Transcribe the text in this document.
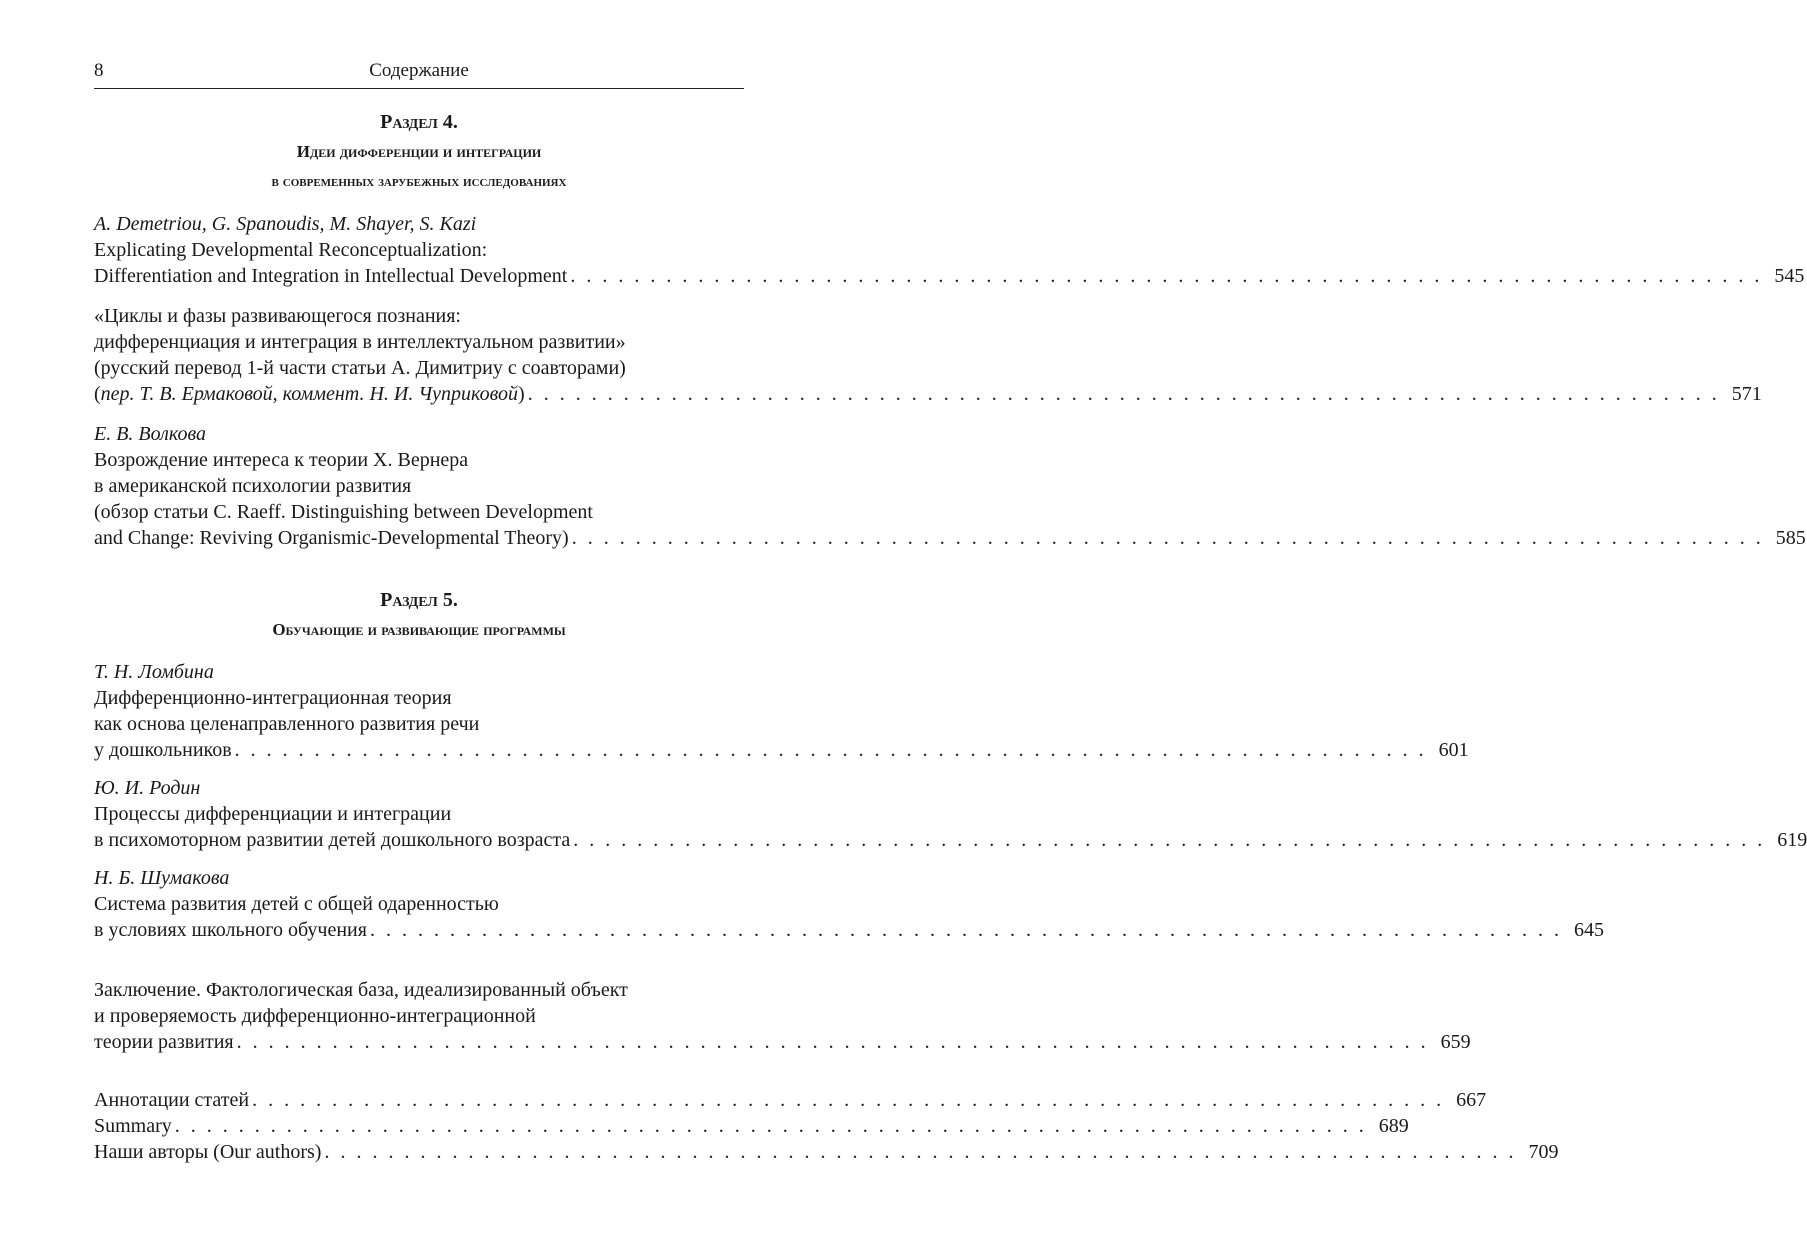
8	Содержание
Раздел 4.
Идеи дифференции и интеграции
в современных зарубежных исследованиях
A. Demetriou, G. Spanoudis, M. Shayer, S. Kazi
Explicating Developmental Reconceptualization:
Differentiation and Integration in Intellectual Development . . . . . . . . . . . . . . . . . . . . . . . . . . . . . . . . . . . . . . . . . . . . . . . . . . . . . . . . . . . . . . . . . . . . . . . . . . . 545
«Циклы и фазы развивающегося познания:
дифференциация и интеграция в интеллектуальном развитии»
(русский перевод 1-й части статьи А. Димитриу с соавторами)
(пер. Т. В. Ермаковой, коммент. Н. И. Чуприковой) . . . . . . . . . . . . . . . . . . . . . . . . . . . . . . . . . . . . . . . . . . . . . . . . . . . . . . . . . . . . . . . . . . . . . . . . . . . 571
Е. В. Волкова
Возрождение интереса к теории Х. Вернера
в американской психологии развития
(обзор статьи C. Raeff. Distinguishing between Development
and Change: Reviving Organismic-Developmental Theory) . . . . . . . . . . . . . . . . . . . . . . . . . . . . . . . . . . . . . . . . . . . . . . . . . . . . . . . . . . . . . . . . . . . . . . . . . . . 585
Раздел 5.
Обучающие и развивающие программы
Т. Н. Ломбина
Дифференционно-интеграционная теория
как основа целенаправленного развития речи
у дошкольников . . . . . . . . . . . . . . . . . . . . . . . . . . . . . . . . . . . . . . . . . . . . . . . . . . . . . . . . . . . . . . . . . . . . . . . . . . . 601
Ю. И. Родин
Процессы дифференциации и интеграции
в психомоторном развитии детей дошкольного возраста . . . . . . . . . . . . . . . . . . . . . . . . . . . . . . . . . . . . . . . . . . . . . . . . . . . . . . . . . . . . . . . . . . . . . . . . . . . 619
Н. Б. Шумакова
Система развития детей с общей одаренностью
в условиях школьного обучения . . . . . . . . . . . . . . . . . . . . . . . . . . . . . . . . . . . . . . . . . . . . . . . . . . . . . . . . . . . . . . . . . . . . . . . . . . . 645
Заключение. Фактологическая база, идеализированный объект
и проверяемость дифференционно-интеграционной
теории развития . . . . . . . . . . . . . . . . . . . . . . . . . . . . . . . . . . . . . . . . . . . . . . . . . . . . . . . . . . . . . . . . . . . . . . . . . . . 659
Аннотации статей . . . . . . . . . . . . . . . . . . . . . . . . . . . . . . . . . . . . . . . . . . . . . . . . . . . . . . . . . . . . . . . . . . . . . . . . . . . 667
Summary . . . . . . . . . . . . . . . . . . . . . . . . . . . . . . . . . . . . . . . . . . . . . . . . . . . . . . . . . . . . . . . . . . . . . . . . . . . 689
Наши авторы (Our authors) . . . . . . . . . . . . . . . . . . . . . . . . . . . . . . . . . . . . . . . . . . . . . . . . . . . . . . . . . . . . . . . . . . . . . . . . . . . 709
